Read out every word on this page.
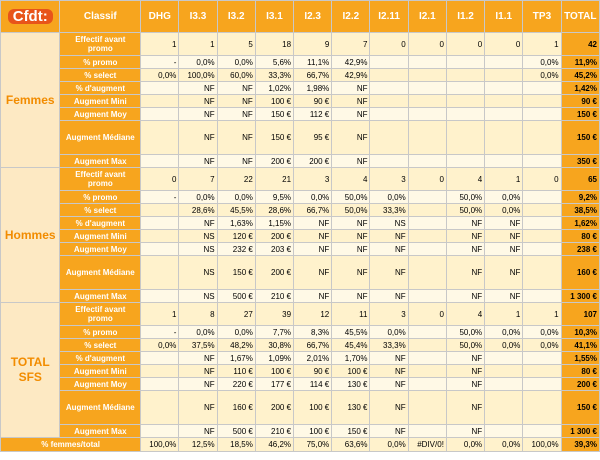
Cfdt:	Classif	DHG	I3.3	I3.2	I3.1	I2.3	I2.2	I2.11	I2.1	I1.2	I1.1	TP3	TOTAL
Femmes	Effectif avant promo	1	1	5	18	9	7	0	0	0	0	1	42
	% promo	-	0,0%	0,0%	5,6%	11,1%	42,9%					0,0%	11,9%
	% select	0,0%	100,0%	60,0%	33,3%	66,7%	42,9%					0,0%	45,2%
	% d'augment		NF	NF	1,02%	1,98%	NF						1,42%
	Augment Mini		NF	NF	100 €	90 €	NF						90 €
	Augment Moy		NF	NF	150 €	112 €	NF						150 €
	Augment Médiane		NF	NF	150 €	95 €	NF						150 €
	Augment Max		NF	NF	200 €	200 €	NF						350 €
Hommes	Effectif avant promo	0	7	22	21	3	4	3	0	4	1	0	65
	% promo	-	0,0%	0,0%	9,5%	0,0%	50,0%	0,0%		50,0%	0,0%		9,2%
	% select		28,6%	45,5%	28,6%	66,7%	50,0%	33,3%		50,0%	0,0%		38,5%
	% d'augment		NF	1,63%	1,15%	NF	NF	NS		NF	NF		1,62%
	Augment Mini		NS	120 €	200 €	NF	NF	NF		NF	NF		80 €
	Augment Moy		NS	232 €	203 €	NF	NF	NF		NF	NF		238 €
	Augment Médiane		NS	150 €	200 €	NF	NF	NF		NF	NF		160 €
	Augment Max		NS	500 €	210 €	NF	NF	NF		NF	NF		1 300 €
TOTAL SFS	Effectif avant promo	1	8	27	39	12	11	3	0	4	1	1	107
	% promo	-	0,0%	0,0%	7,7%	8,3%	45,5%	0,0%		50,0%	0,0%	0,0%	10,3%
	% select	0,0%	37,5%	48,2%	30,8%	66,7%	45,4%	33,3%		50,0%	0,0%	0,0%	41,1%
	% d'augment		NF	1,67%	1,09%	2,01%	1,70%	NF		NF			1,55%
	Augment Mini		NF	110 €	100 €	90 €	100 €	NF		NF			80 €
	Augment Moy		NF	220 €	177 €	114 €	130 €	NF		NF			200 €
	Augment Médiane		NF	160 €	200 €	100 €	130 €	NF		NF			150 €
	Augment Max		NF	500 €	210 €	100 €	150 €	NF		NF			1 300 €
% femmes/total		100,0%	12,5%	18,5%	46,2%	75,0%	63,6%	0,0%	#DIV/0!	0,0%	0,0%	100,0%	39,3%
